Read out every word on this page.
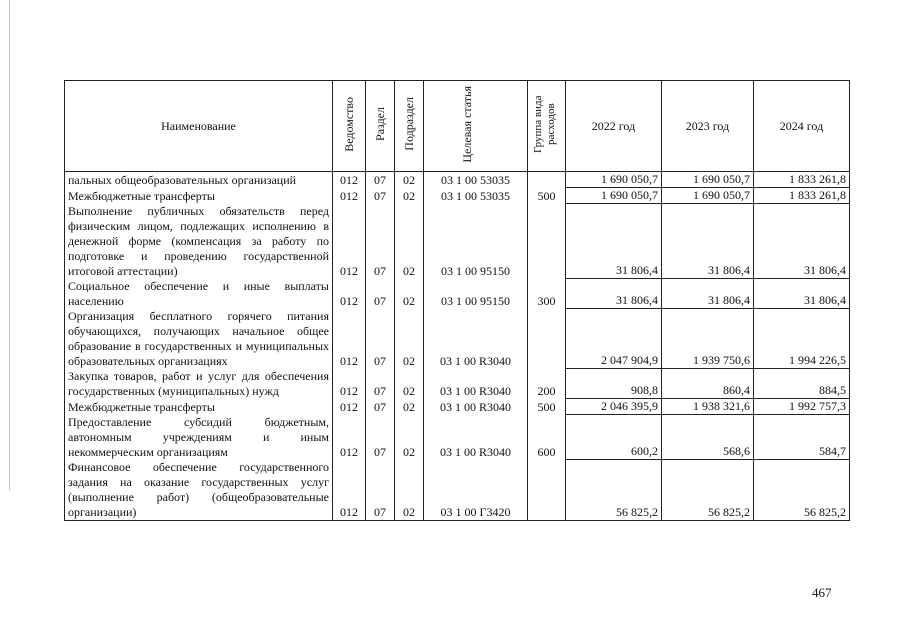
Наименование	Ведомство	Раздел	Подраздел	Целевая статья	Группа вида расходов	2022 год	2023 год	2024 год
пальных общеобразовательных организаций	012	07	02	03 1 00 53035		1 690 050,7	1 690 050,7	1 833 261,8
Межбюджетные трансферты	012	07	02	03 1 00 53035	500	1 690 050,7	1 690 050,7	1 833 261,8
Выполнение публичных обязательств перед физическим лицом, подлежащих исполнению в денежной форме (компенсация за работу по подготовке и проведению государственной итоговой аттестации)	012	07	02	03 1 00 95150		31 806,4	31 806,4	31 806,4
Социальное обеспечение и иные выплаты населению	012	07	02	03 1 00 95150	300	31 806,4	31 806,4	31 806,4
Организация бесплатного горячего питания обучающихся, получающих начальное общее образование в государственных и муниципальных образовательных организациях	012	07	02	03 1 00 R3040		2 047 904,9	1 939 750,6	1 994 226,5
Закупка товаров, работ и услуг для обеспечения государственных (муниципальных) нужд	012	07	02	03 1 00 R3040	200	908,8	860,4	884,5
Межбюджетные трансферты	012	07	02	03 1 00 R3040	500	2 046 395,9	1 938 321,6	1 992 757,3
Предоставление субсидий бюджетным, автономным учреждениям и иным некоммерческим организациям	012	07	02	03 1 00 R3040	600	600,2	568,6	584,7
Финансовое обеспечение государственного задания на оказание государственных услуг (выполнение работ) (общеобразовательные организации)	012	07	02	03 1 00 Г3420		56 825,2	56 825,2	56 825,2
467
